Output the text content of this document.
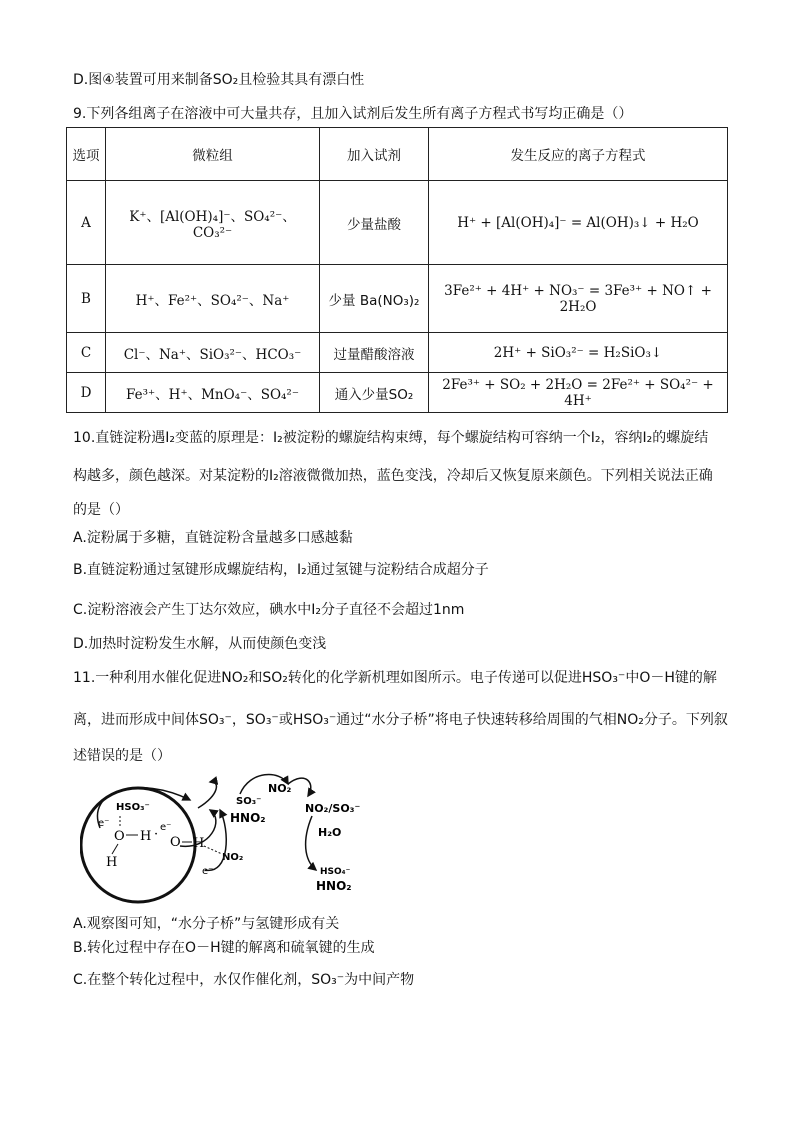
D.图④装置可用来制备SO₂且检验其具有漂白性
9.下列各组离子在溶液中可大量共存，且加入试剂后发生所有离子方程式书写均正确是（）
选项	微粒组	加入试剂	发生反应的离子方程式
A	K⁺、[Al(OH)₄]⁻、SO₄²⁻、CO₃²⁻	少量盐酸	H⁺ + [Al(OH)₄]⁻ = Al(OH)₃↓ + H₂O
B	H⁺、Fe²⁺、SO₄²⁻、Na⁺	少量 Ba(NO₃)₂	3Fe²⁺ + 4H⁺ + NO₃⁻ = 3Fe³⁺ + NO↑ + 2H₂O
C	Cl⁻、Na⁺、SiO₃²⁻、HCO₃⁻	过量醋酸溶液	2H⁺ + SiO₃²⁻ = H₂SiO₃↓
D	Fe³⁺、H⁺、MnO₄⁻、SO₄²⁻	通入少量SO₂	2Fe³⁺ + SO₂ + 2H₂O = 2Fe²⁺ + SO₄²⁻ + 4H⁺
10.直链淀粉遇I₂变蓝的原理是：I₂被淀粉的螺旋结构束缚，每个螺旋结构可容纳一个I₂，容纳I₂的螺旋结
构越多，颜色越深。对某淀粉的I₂溶液微微加热，蓝色变浅，冷却后又恢复原来颜色。下列相关说法正确
的是（）
A.淀粉属于多糖，直链淀粉含量越多口感越黏
B.直链淀粉通过氢键形成螺旋结构，I₂通过氢键与淀粉结合成超分子
C.淀粉溶液会产生丁达尔效应，碘水中I₂分子直径不会超过1nm
D.加热时淀粉发生水解，从而使颜色变浅
11.一种利用水催化促进NO₂和SO₂转化的化学新机理如图所示。电子传递可以促进HSO₃⁻中O－H键的解
离，进而形成中间体SO₃⁻，SO₃⁻或HSO₃⁻通过“水分子桥”将电子快速转移给周围的气相NO₂分子。下列叙
述错误的是（）
HSO₃⁻
e⁻
O H ·
H
e⁻
O H
NO₂
e⁻
SO₃⁻
HNO₂
NO₂
NO₂/SO₃⁻
H₂O
HSO₄⁻
HNO₂
A.观察图可知，“水分子桥”与氢键形成有关
B.转化过程中存在O－H键的解离和硫氧键的生成
C.在整个转化过程中，水仅作催化剂，SO₃⁻为中间产物
